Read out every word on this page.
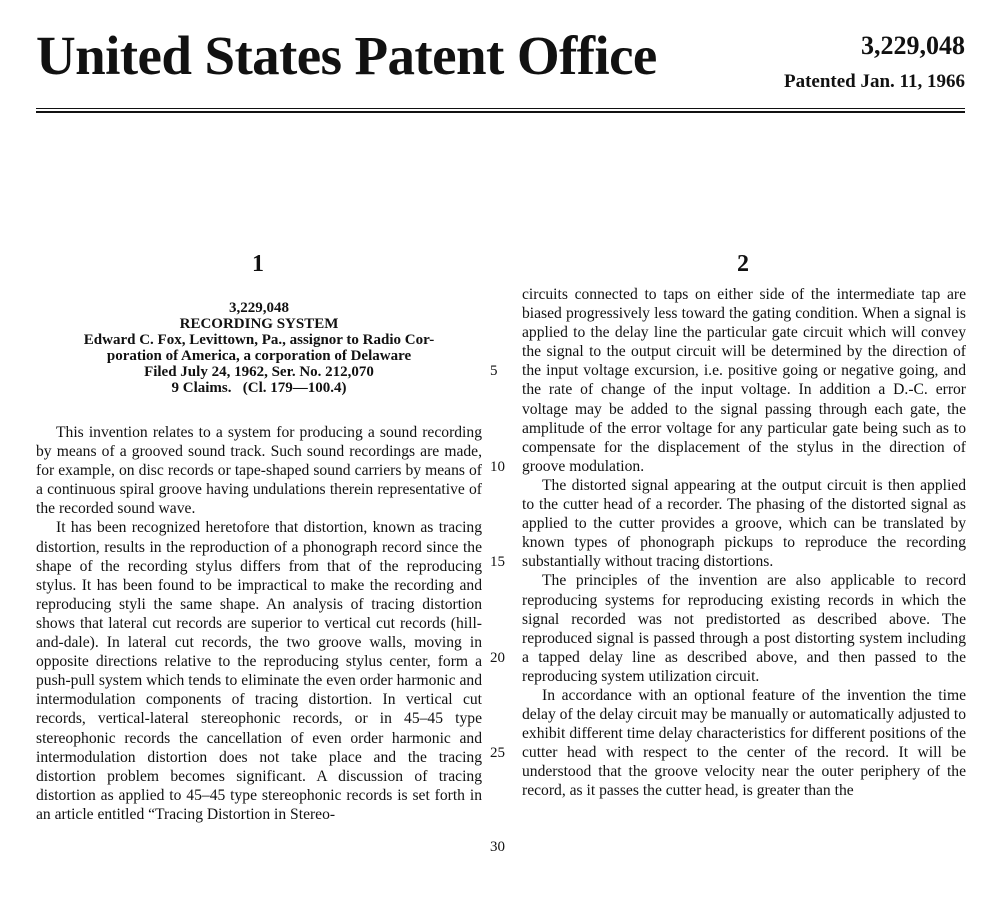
United States Patent Office	3,229,048
Patented Jan. 11, 1966
1	2
3,229,048
RECORDING SYSTEM
Edward C. Fox, Levittown, Pa., assignor to Radio Cor-
poration of America, a corporation of Delaware
Filed July 24, 1962, Ser. No. 212,070
9 Claims.   (Cl. 179—100.4)

This invention relates to a system for producing a sound recording by means of a grooved sound track. Such sound recordings are made, for example, on disc records or tape-shaped sound carriers by means of a continuous spiral groove having undulations therein representative of the recorded sound wave.

It has been recognized heretofore that distortion, known as tracing distortion, results in the reproduction of a phonograph record since the shape of the recording stylus differs from that of the reproducing stylus. It has been found to be impractical to make the recording and reproducing styli the same shape. An analysis of tracing distortion shows that lateral cut records are superior to vertical cut records (hill-and-dale). In lateral cut records, the two groove walls, moving in opposite directions relative to the reproducing stylus center, form a push-pull system which tends to eliminate the even order harmonic and intermodulation components of tracing distortion. In vertical cut records, vertical-lateral stereophonic records, or in 45–45 type stereophonic records the cancellation of even order harmonic and intermodulation distortion does not take place and the tracing distortion problem becomes significant. A discussion of tracing distortion as applied to 45–45 type stereophonic records is set forth in an article entitled “Tracing Distortion in Stereo-

5
10
15
20
25
30

circuits connected to taps on either side of the intermediate tap are biased progressively less toward the gating condition. When a signal is applied to the delay line the particular gate circuit which will convey the signal to the output circuit will be determined by the direction of the input voltage excursion, i.e. positive going or negative going, and the rate of change of the input voltage. In addition a D.-C. error voltage may be added to the signal passing through each gate, the amplitude of the error voltage for any particular gate being such as to compensate for the displacement of the stylus in the direction of groove modulation.

The distorted signal appearing at the output circuit is then applied to the cutter head of a recorder. The phasing of the distorted signal as applied to the cutter provides a groove, which can be translated by known types of phonograph pickups to reproduce the recording substantially without tracing distortions.

The principles of the invention are also applicable to record reproducing systems for reproducing existing records in which the signal recorded was not predistorted as described above. The reproduced signal is passed through a post distorting system including a tapped delay line as described above, and then passed to the reproducing system utilization circuit.

In accordance with an optional feature of the invention the time delay of the delay circuit may be manually or automatically adjusted to exhibit different time delay characteristics for different positions of the cutter head with respect to the center of the record. It will be understood that the groove velocity near the outer periphery of the record, as it passes the cutter head, is greater than the
